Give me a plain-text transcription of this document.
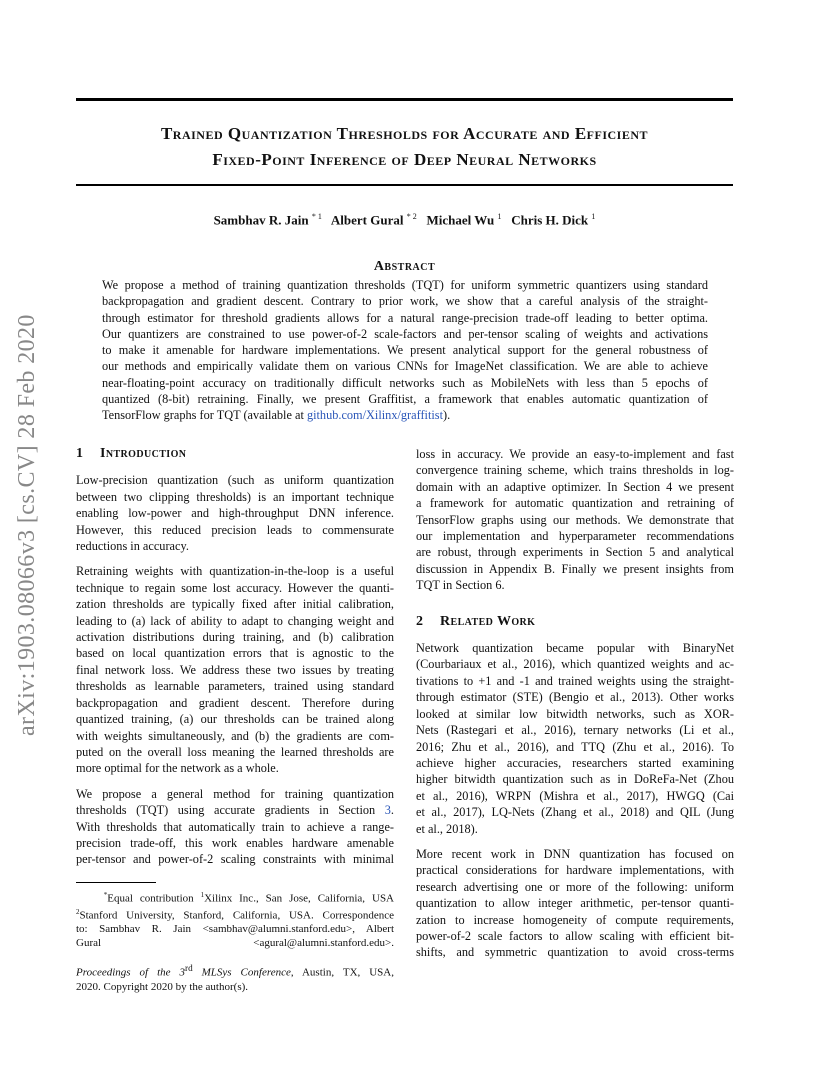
Trained Quantization Thresholds for Accurate and Efficient
Fixed-Point Inference of Deep Neural Networks
Sambhav R. Jain $^{* 1}$ Albert Gural $^{* 2}$ Michael Wu $^1$ Chris H. Dick $^1$
Abstract
We propose a method of training quantization thresholds (TQT) for uniform symmetric quantizers using standard
backpropagation and gradient descent. Contrary to prior work, we show that a careful analysis of the straight-
through estimator for threshold gradients allows for a natural range-precision trade-off leading to better optima.
Our quantizers are constrained to use power-of-2 scale-factors and per-tensor scaling of weights and activations
to make it amenable for hardware implementations. We present analytical support for the general robustness of
our methods and empirically validate them on various CNNs for ImageNet classification. We are able to achieve
near-floating-point accuracy on traditionally difficult networks such as MobileNets with less than 5 epochs of
quantized (8-bit) retraining. Finally, we present Graffitist, a framework that enables automatic quantization of
TensorFlow graphs for TQT (available at github.com/Xilinx/graffitist).
arXiv:1903.08066v3 [cs.CV] 28 Feb 2020	1 Introduction
Low-precision quantization (such as uniform quantization
between two clipping thresholds) is an important technique
enabling low-power and high-throughput DNN inference.
However, this reduced precision leads to commensurate
reductions in accuracy.
Retraining weights with quantization-in-the-loop is a useful
technique to regain some lost accuracy. However the quanti-
zation thresholds are typically fixed after initial calibration,
leading to (a) lack of ability to adapt to changing weight and
activation distributions during training, and (b) calibration
based on local quantization errors that is agnostic to the
final network loss. We address these two issues by treating
thresholds as learnable parameters, trained using standard
backpropagation and gradient descent. Therefore during
quantized training, (a) our thresholds can be trained along
with weights simultaneously, and (b) the gradients are com-
puted on the overall loss meaning the learned thresholds are
more optimal for the network as a whole.
We propose a general method for training quantization
thresholds (TQT) using accurate gradients in Section 3.
With thresholds that automatically train to achieve a range-
precision trade-off, this work enables hardware amenable
per-tensor and power-of-2 scaling constraints with minimal
*Equal contribution $^1$Xilinx Inc., San Jose, California, USA
$^2$Stanford University, Stanford, California, USA. Correspondence
to: Sambhav R. Jain <sambhav@alumni.stanford.edu>, Albert
Gural <agural@alumni.stanford.edu>.
Proceedings of the 3rd MLSys Conference, Austin, TX, USA,
2020. Copyright 2020 by the author(s).
loss in accuracy. We provide an easy-to-implement and fast
convergence training scheme, which trains thresholds in log-
domain with an adaptive optimizer. In Section 4 we present
a framework for automatic quantization and retraining of
TensorFlow graphs using our methods. We demonstrate that
our implementation and hyperparameter recommendations
are robust, through experiments in Section 5 and analytical
discussion in Appendix B. Finally we present insights from
TQT in Section 6.
2 Related Work
Network quantization became popular with BinaryNet
(Courbariaux et al., 2016), which quantized weights and ac-
tivations to +1 and -1 and trained weights using the straight-
through estimator (STE) (Bengio et al., 2013). Other works
looked at similar low bitwidth networks, such as XOR-
Nets (Rastegari et al., 2016), ternary networks (Li et al.,
2016; Zhu et al., 2016), and TTQ (Zhu et al., 2016). To
achieve higher accuracies, researchers started examining
higher bitwidth quantization such as in DoReFa-Net (Zhou
et al., 2016), WRPN (Mishra et al., 2017), HWGQ (Cai
et al., 2017), LQ-Nets (Zhang et al., 2018) and QIL (Jung
et al., 2018).
More recent work in DNN quantization has focused on
practical considerations for hardware implementations, with
research advertising one or more of the following: uniform
quantization to allow integer arithmetic, per-tensor quanti-
zation to increase homogeneity of compute requirements,
power-of-2 scale factors to allow scaling with efficient bit-
shifts, and symmetric quantization to avoid cross-terms
